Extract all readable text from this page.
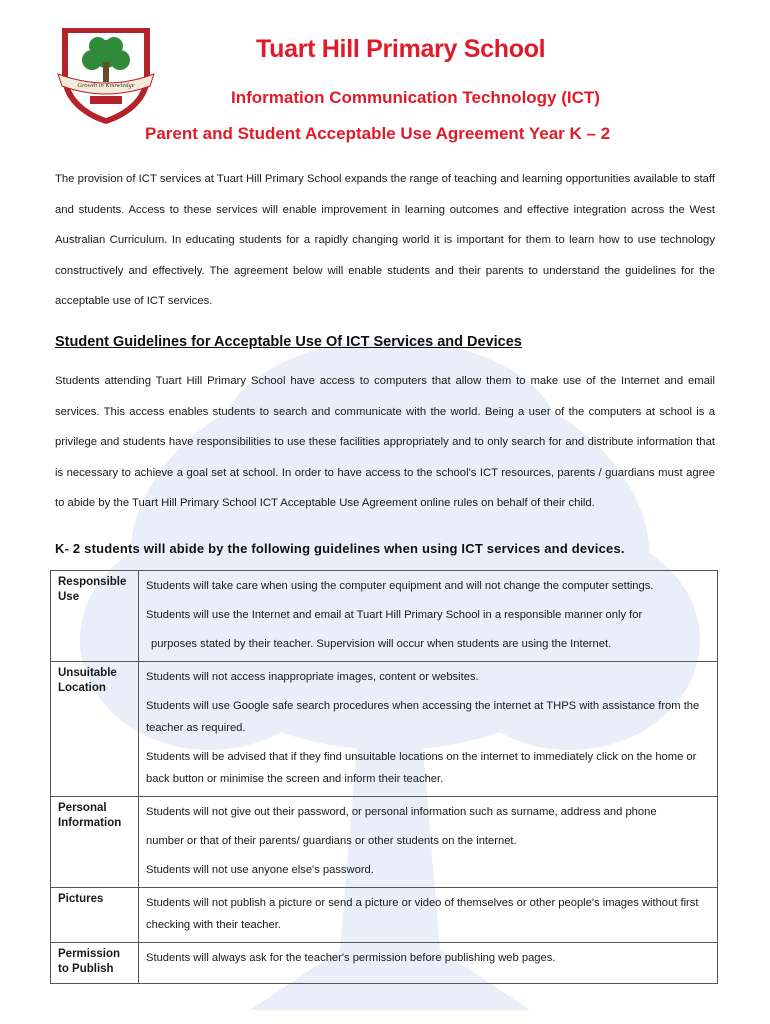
Growth in Knowledge
Tuart Hill Primary School
Information Communication Technology (ICT)
Parent and Student Acceptable Use Agreement Year K – 2
The provision of ICT services at Tuart Hill Primary School expands the range of teaching and learning opportunities available to staff and students. Access to these services will enable improvement in learning outcomes and effective integration across the West Australian Curriculum. In educating students for a rapidly changing world it is important for them to learn how to use technology constructively and effectively. The agreement below will enable students and their parents to understand the guidelines for the acceptable use of ICT services.
Student Guidelines for Acceptable Use Of ICT Services and Devices
Students attending Tuart Hill Primary School have access to computers that allow them to make use of the Internet and email services. This access enables students to search and communicate with the world. Being a user of the computers at school is a privilege and students have responsibilities to use these facilities appropriately and to only search for and distribute information that is necessary to achieve a goal set at school. In order to have access to the school's ICT resources, parents / guardians must agree to abide by the Tuart Hill Primary School ICT Acceptable Use Agreement online rules on behalf of their child.
K- 2 students will abide by the following guidelines when using ICT services and devices.
Responsible Use	Students will take care when using the computer equipment and will not change the computer settings.

Students will use the Internet and email at Tuart Hill Primary School in a responsible manner only for

purposes stated by their teacher. Supervision will occur when students are using the Internet.

Unsuitable Location	Students will not access inappropriate images, content or websites.

Students will use Google safe search procedures when accessing the internet at THPS with assistance from the teacher as required.

Students will be advised that if they find unsuitable locations on the internet to immediately click on the home or back button or minimise the screen and inform their teacher.

Personal Information	Students will not give out their password, or personal information such as surname, address and phone

number or that of their parents/ guardians or other students on the internet.

Students will not use anyone else's password.

Pictures	Students will not publish a picture or send a picture or video of themselves or other people's images without first checking with their teacher.

Permission to Publish	Students will always ask for the teacher's permission before publishing web pages.
